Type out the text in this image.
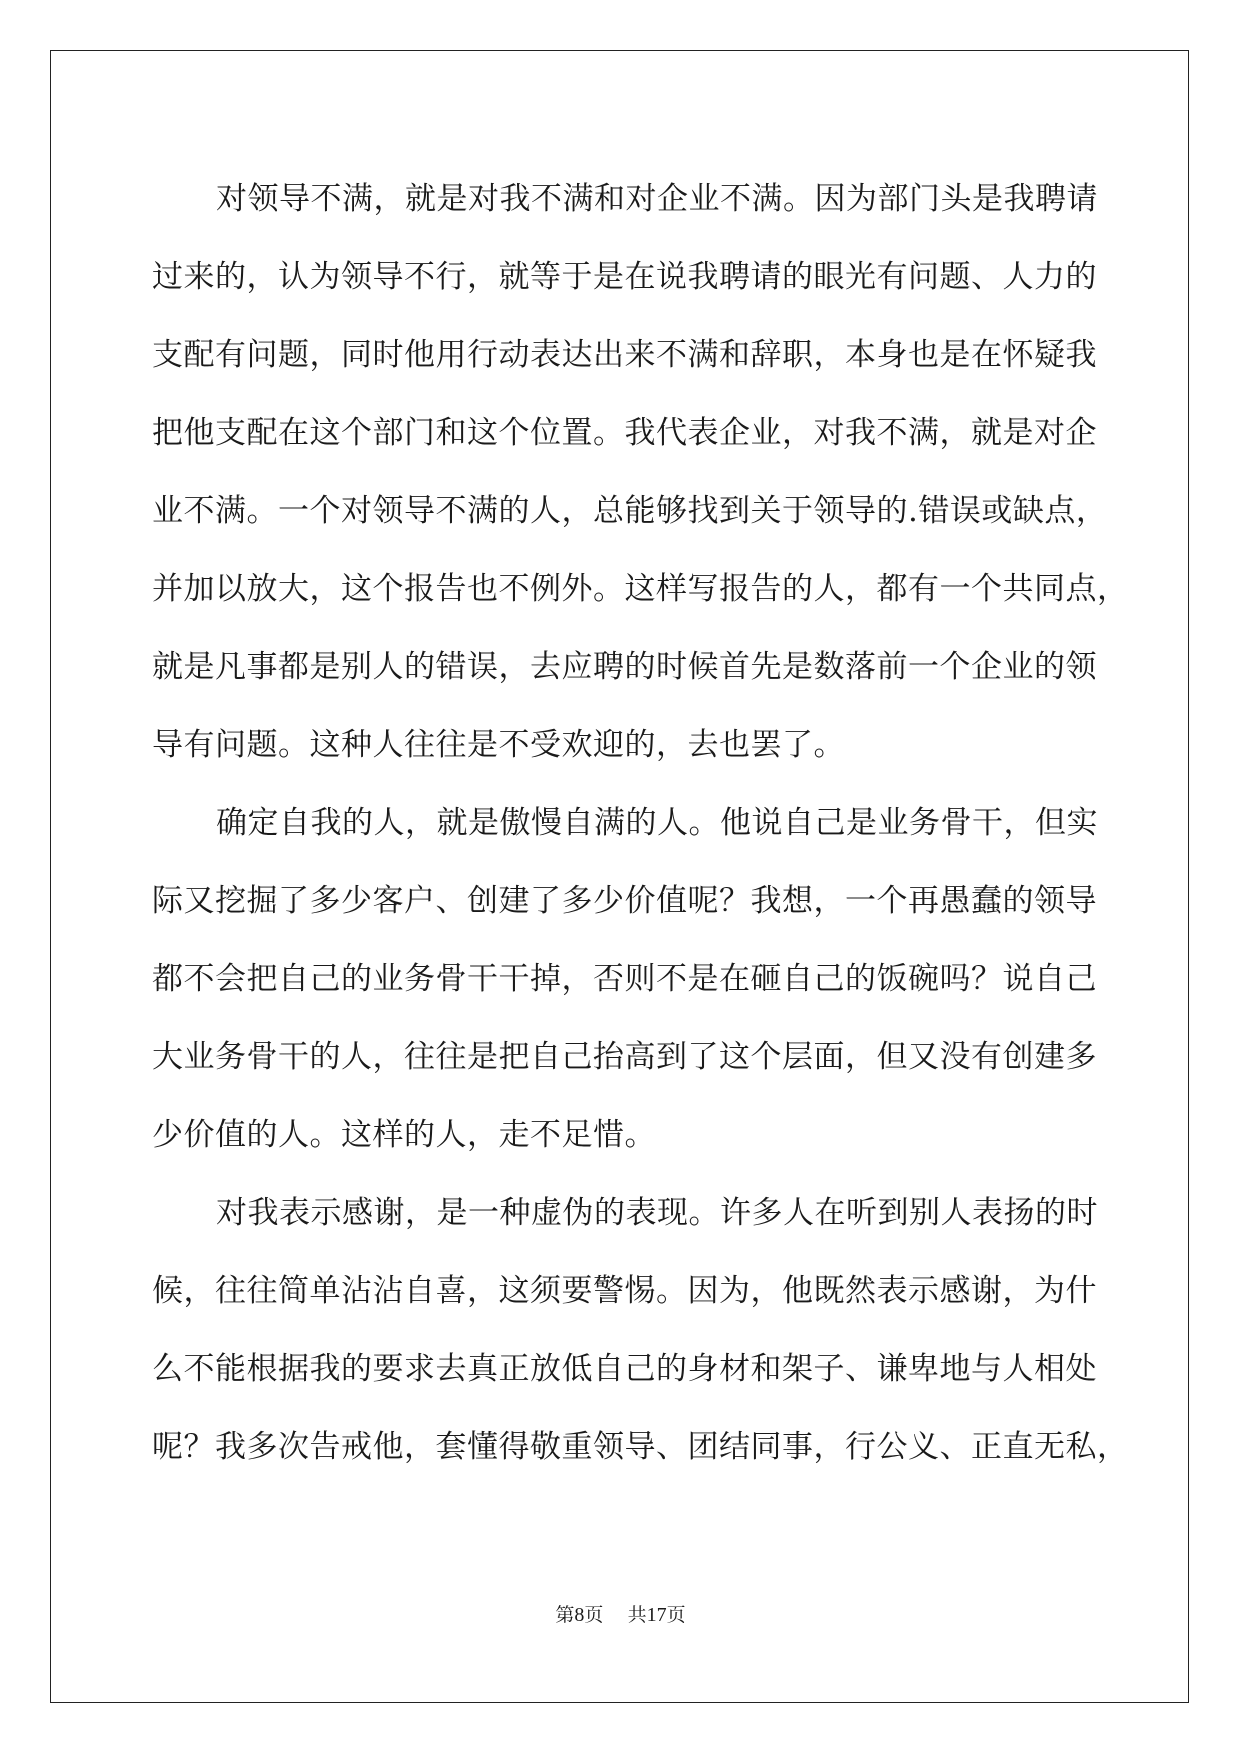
对领导不满，就是对我不满和对企业不满。因为部门头是我聘请
过来的，认为领导不行，就等于是在说我聘请的眼光有问题、人力的
支配有问题，同时他用行动表达出来不满和辞职，本身也是在怀疑我
把他支配在这个部门和这个位置。我代表企业，对我不满，就是对企
业不满。一个对领导不满的人，总能够找到关于领导的.错误或缺点，
并加以放大，这个报告也不例外。这样写报告的人，都有一个共同点，
就是凡事都是别人的错误，去应聘的时候首先是数落前一个企业的领
导有问题。这种人往往是不受欢迎的，去也罢了。
确定自我的人，就是傲慢自满的人。他说自己是业务骨干，但实
际又挖掘了多少客户、创建了多少价值呢？我想，一个再愚蠢的领导
都不会把自己的业务骨干干掉，否则不是在砸自己的饭碗吗？说自己
大业务骨干的人，往往是把自己抬高到了这个层面，但又没有创建多
少价值的人。这样的人，走不足惜。
对我表示感谢，是一种虚伪的表现。许多人在听到别人表扬的时
候，往往简单沾沾自喜，这须要警惕。因为，他既然表示感谢，为什
么不能根据我的要求去真正放低自己的身材和架子、谦卑地与人相处
呢？我多次告戒他，套懂得敬重领导、团结同事，行公义、正直无私，
第8页 共17页
